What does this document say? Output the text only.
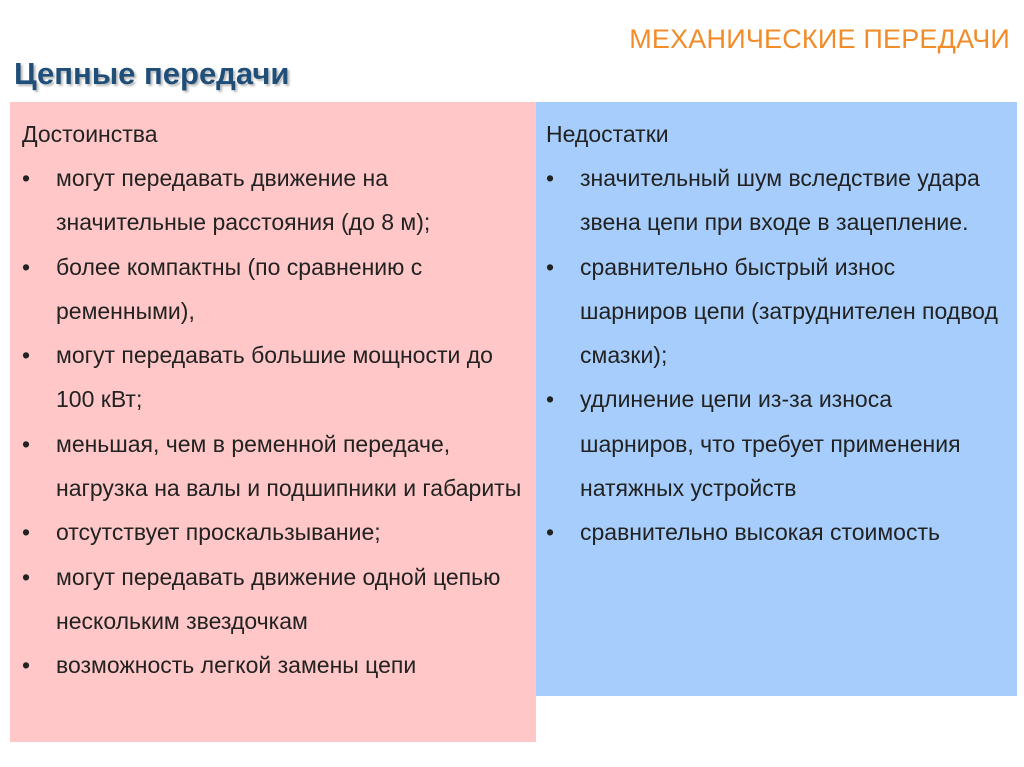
МЕХАНИЧЕСКИЕ ПЕРЕДАЧИ
Цепные передачи
Достоинства
•	могут передавать движение на значительные расстояния (до 8 м);
•	более компактны (по сравнению с ременными),
•	могут передавать большие мощности до 100 кВт;
•	меньшая, чем в ременной передаче, нагрузка на валы и подшипники и габариты
•	отсутствует проскальзывание;
•	могут передавать движение одной цепью нескольким звездочкам
•	возможность легкой замены цепи
Недостатки
•	значительный шум вследствие удара звена цепи при входе в зацепление.
•	сравнительно быстрый износ шарниров цепи (затруднителен подвод смазки);
•	удлинение цепи из-за износа шарниров, что требует применения натяжных устройств
•	сравнительно высокая стоимость
